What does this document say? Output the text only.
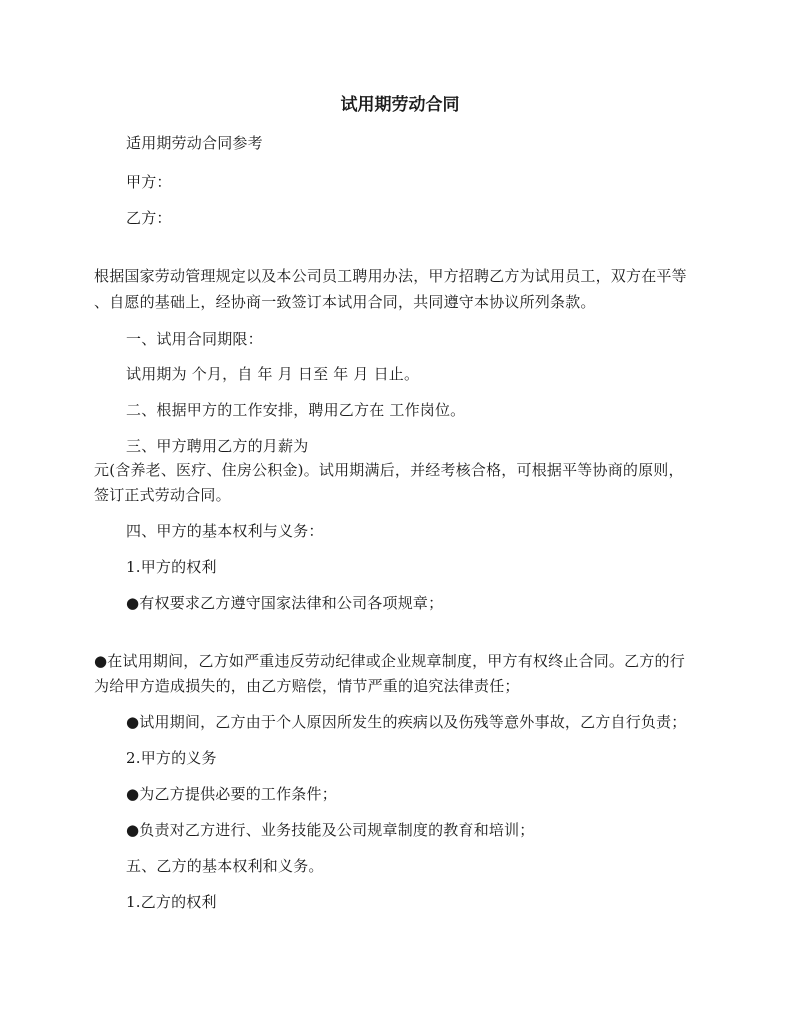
试用期劳动合同
适用期劳动合同参考
甲方：
乙方：
根据国家劳动管理规定以及本公司员工聘用办法，甲方招聘乙方为试用员工，双方在平等
、自愿的基础上，经协商一致签订本试用合同，共同遵守本协议所列条款。
一、试用合同期限：
试用期为 个月，自 年 月 日至 年 月 日止。
二、根据甲方的工作安排，聘用乙方在 工作岗位。
三、甲方聘用乙方的月薪为
元(含养老、医疗、住房公积金)。试用期满后，并经考核合格，可根据平等协商的原则，
签订正式劳动合同。
四、甲方的基本权利与义务：
1.甲方的权利
●有权要求乙方遵守国家法律和公司各项规章；
●在试用期间，乙方如严重违反劳动纪律或企业规章制度，甲方有权终止合同。乙方的行
为给甲方造成损失的，由乙方赔偿，情节严重的追究法律责任；
●试用期间，乙方由于个人原因所发生的疾病以及伤残等意外事故，乙方自行负责；
2.甲方的义务
●为乙方提供必要的工作条件；
●负责对乙方进行、业务技能及公司规章制度的教育和培训；
五、乙方的基本权利和义务。
1.乙方的权利
